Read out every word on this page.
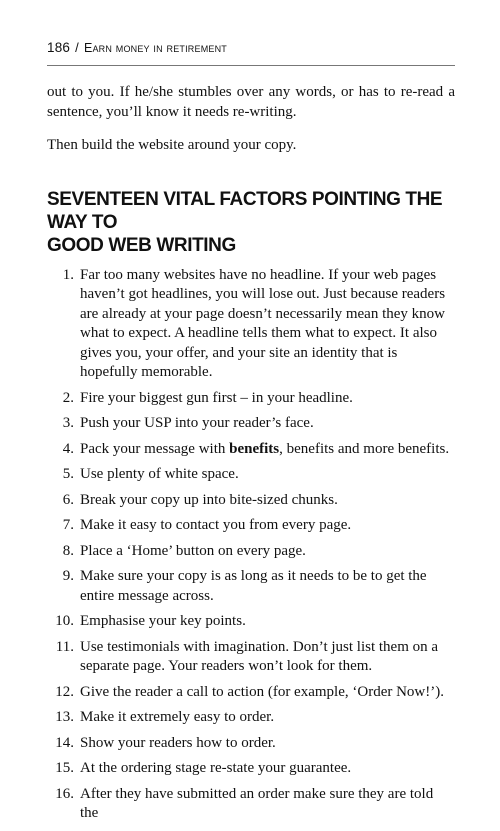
186 / Earn money in retirement

out to you. If he/she stumbles over any words, or has to re-read a sentence, you’ll know it needs re-writing.

Then build the website around your copy.

SEVENTEEN VITAL FACTORS POINTING THE WAY TO
GOOD WEB WRITING
1. Far too many websites have no headline. If your web pages haven’t got headlines, you will lose out. Just because readers are already at your page doesn’t necessarily mean they know what to expect. A headline tells them what to expect. It also gives you, your offer, and your site an identity that is hopefully memorable.
2. Fire your biggest gun first – in your headline.
3. Push your USP into your reader’s face.
4. Pack your message with benefits, benefits and more benefits.
5. Use plenty of white space.
6. Break your copy up into bite-sized chunks.
7. Make it easy to contact you from every page.
8. Place a ‘Home’ button on every page.
9. Make sure your copy is as long as it needs to be to get the entire message across.
10. Emphasise your key points.
11. Use testimonials with imagination. Don’t just list them on a separate page. Your readers won’t look for them.
12. Give the reader a call to action (for example, ‘Order Now!’).
13. Make it extremely easy to order.
14. Show your readers how to order.
15. At the ordering stage re-state your guarantee.
16. After they have submitted an order make sure they are told the
